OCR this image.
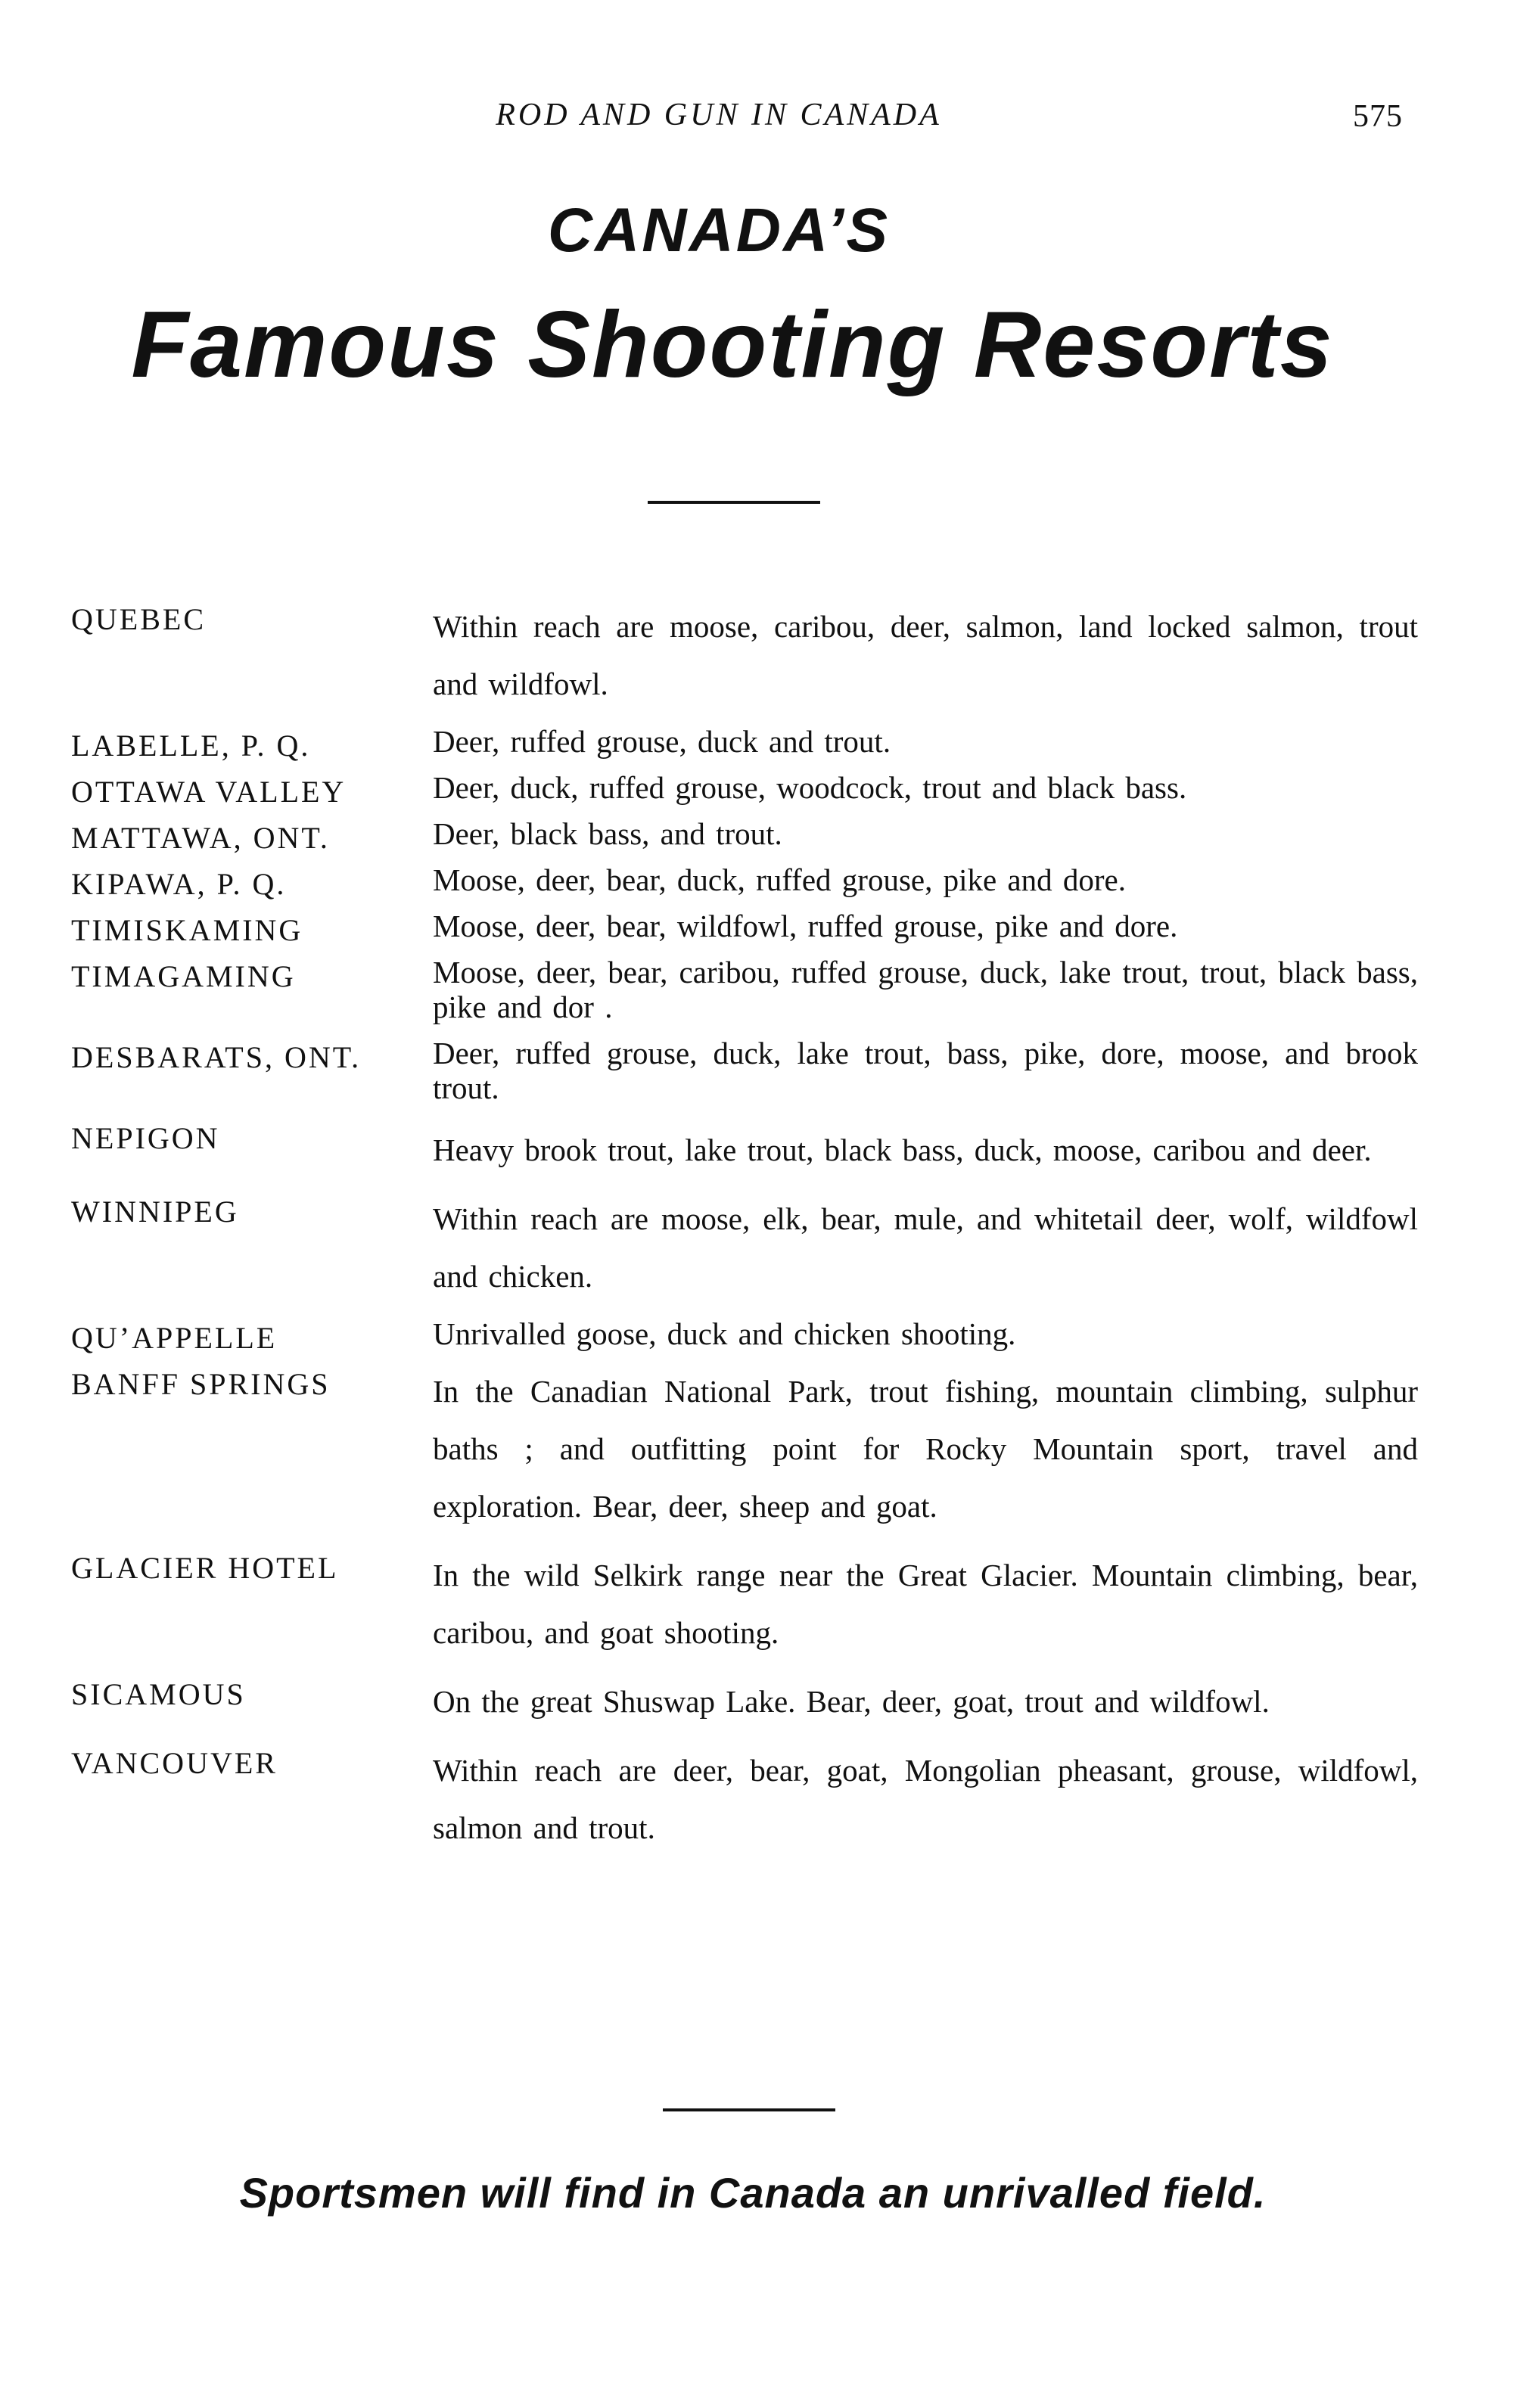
ROD AND GUN IN CANADA	575
CANADA’S
Famous Shooting Resorts
QUEBEC	Within reach are moose, caribou, deer, salmon, land locked salmon, trout and wildfowl.
LABELLE, P. Q.	Deer, ruffed grouse, duck and trout.
OTTAWA VALLEY	Deer, duck, ruffed grouse, woodcock, trout and black bass.
MATTAWA, ONT.	Deer, black bass, and trout.
KIPAWA, P. Q.	Moose, deer, bear, duck, ruffed grouse, pike and dore.
TIMISKAMING	Moose, deer, bear, wildfowl, ruffed grouse, pike and dore.
TIMAGAMING	Moose, deer, bear, caribou, ruffed grouse, duck, lake trout, trout, black bass, pike and dor .
DESBARATS, ONT. Deer, ruffed grouse, duck, lake trout, bass, pike, dore, moose, and brook trout.
NEPIGON	Heavy brook trout, lake trout, black bass, duck, moose, caribou and deer.
WINNIPEG	Within reach are moose, elk, bear, mule, and whitetail deer, wolf, wildfowl and chicken.
QU’APPELLE	Unrivalled goose, duck and chicken shooting.
BANFF SPRINGS	In the Canadian National Park, trout fishing, mountain climbing, sulphur baths ; and outfitting point for Rocky Mountain sport, travel and exploration. Bear, deer, sheep and goat.
GLACIER HOTEL	In the wild Selkirk range near the Great Glacier. Mountain climbing, bear, caribou, and goat shooting.
SICAMOUS	On the great Shuswap Lake. Bear, deer, goat, trout and wildfowl.
VANCOUVER	Within reach are deer, bear, goat, Mongolian pheasant, grouse, wildfowl, salmon and trout.
Sportsmen will find in Canada an unrivalled field.
